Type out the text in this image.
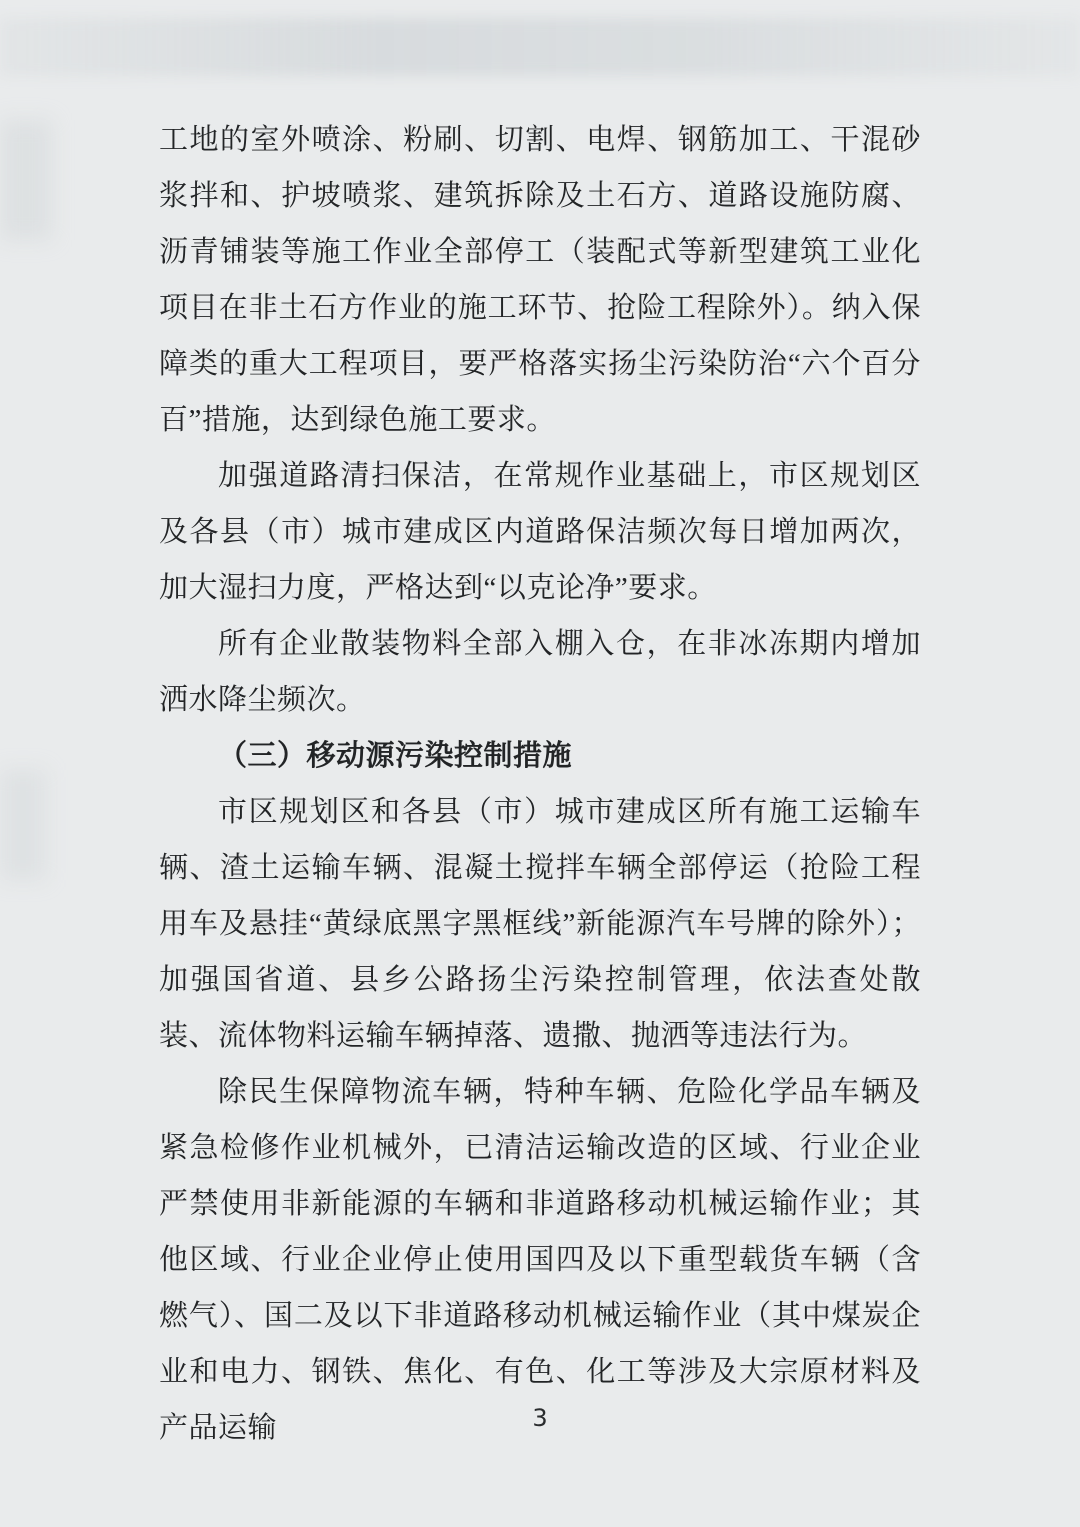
工地的室外喷涂、粉刷、切割、电焊、钢筋加工、干混砂浆拌和、护坡喷浆、建筑拆除及土石方、道路设施防腐、沥青铺装等施工作业全部停工（装配式等新型建筑工业化项目在非土石方作业的施工环节、抢险工程除外）。纳入保障类的重大工程项目，要严格落实扬尘污染防治“六个百分百”措施，达到绿色施工要求。

加强道路清扫保洁，在常规作业基础上，市区规划区及各县（市）城市建成区内道路保洁频次每日增加两次，加大湿扫力度，严格达到“以克论净”要求。

所有企业散装物料全部入棚入仓，在非冰冻期内增加洒水降尘频次。

（三）移动源污染控制措施

市区规划区和各县（市）城市建成区所有施工运输车辆、渣土运输车辆、混凝土搅拌车辆全部停运（抢险工程用车及悬挂“黄绿底黑字黑框线”新能源汽车号牌的除外）；加强国省道、县乡公路扬尘污染控制管理，依法查处散装、流体物料运输车辆掉落、遗撒、抛洒等违法行为。

除民生保障物流车辆，特种车辆、危险化学品车辆及紧急检修作业机械外，已清洁运输改造的区域、行业企业严禁使用非新能源的车辆和非道路移动机械运输作业；其他区域、行业企业停止使用国四及以下重型载货车辆（含燃气）、国二及以下非道路移动机械运输作业（其中煤炭企业和电力、钢铁、焦化、有色、化工等涉及大宗原材料及产品运输	3
